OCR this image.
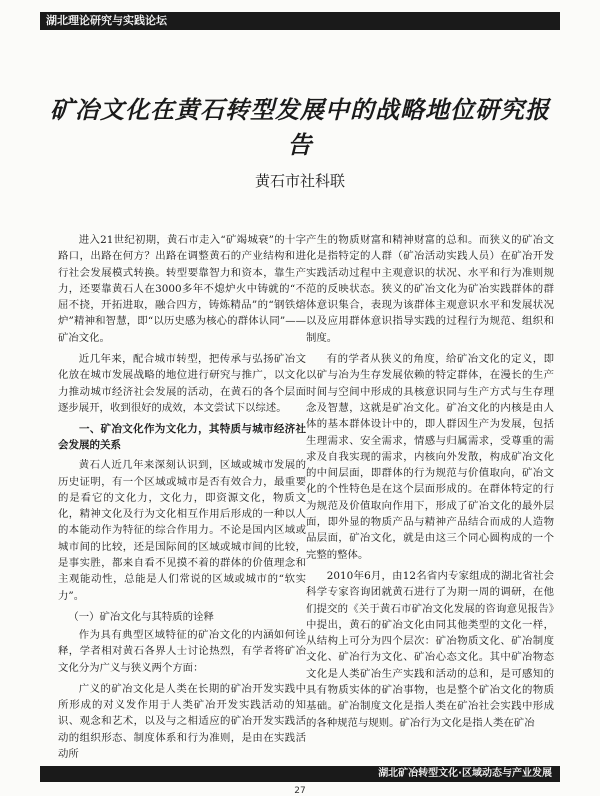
湖北理论研究与实践论坛
矿冶文化在黄石转型发展中的战略地位研究报告
黄石市社科联

进入21世纪初期，黄石市走入“矿竭城衰”的十字路口，出路在何方？出路在调整黄石的产业结构和进行社会发展模式转换。转型要靠智力和资本，靠生产力，还要靠黄石人在3000多年不熄炉火中铸就的“不屈不挠，开拓进取，融合四方，铸炼精品”的“钢铁熔炉”精神和智慧，即“以历史感为核心的群体认同”——矿冶文化。

近几年来，配合城市转型，把传承与弘扬矿冶文化放在城市发展战略的地位进行研究与推广，以文化力推动城市经济社会发展的活动，在黄石的各个层面逐步展开，收到很好的成效，本文尝试下以综述。

一、矿冶文化作为文化力，其特质与城市经济社会发展的关系

黄石人近几年来深刻认识到，区域或城市发展的历史证明，有一个区域或城市是否有效合力，最重要的是看它的文化力，文化力，即资源文化，物质文化，精神文化及行为文化相互作用后形成的一种以人的本能动作为特征的综合作用力。不论是国内区域或城市间的比较，还是国际间的区域或城市间的比较，是事实胜，都来自看不见摸不着的群体的价值理念和主观能动性，总能是人们常说的区域或城市的“软实力”。

（一）矿冶文化与其特质的诠释

作为具有典型区域特征的矿冶文化的内涵如何诠释，学者相对黄石各界人士讨论热烈，有学者将矿冶文化分为广义与狭义两个方面：

广义的矿冶文化是人类在长期的矿冶开发实践中所形成的对义发作用于人类矿冶开发实践活动的知识、观念和艺术，以及与之相适应的矿冶开发实践活动的组织形态、制度体系和行为准则，是由在实践活动所

产生的物质财富和精神财富的总和。而狭义的矿冶文化是指特定的人群（矿冶活动实践人员）在矿冶开发实践活动过程中主观意识的状况、水平和行为准则规范的反映状态。狭义的矿冶文化为矿冶实践群体的群体意识集合，表现为该群体主观意识水平和发展状况以及应用群体意识指导实践的过程行为规范、组织和制度。

有的学者从狭义的角度，给矿冶文化的定义，即以矿与冶为生存发展依赖的特定群体，在漫长的生产时间与空间中形成的具核意识同与生产方式与生存理念及智慧，这就是矿冶文化。矿冶文化的内核是由人体的基本群体设计中的，即人群因生产为发展，包括生理需求、安全需求，情感与归属需求，受尊重的需求及自我实现的需求，内核向外发散，构成矿冶文化的中间层面，即群体的行为规范与价值取向，矿冶文化的个性特色是在这个层面形成的。在群体特定的行为规范及价值取向作用下，形成了矿冶文化的最外层面，即外显的物质产品与精神产品结合而成的人造物品层面，矿冶文化，就是由这三个同心圆构成的一个完整的整体。

2010年6月，由12名省内专家组成的湖北省社会科学专家咨询团就黄石进行了为期一周的调研，在他们提交的《关于黄石市矿冶文化发展的咨询意见报告》中提出，黄石的矿冶文化由同其他类型的文化一样，从结构上可分为四个层次：矿冶物质文化、矿冶制度文化、矿冶行为文化、矿冶心态文化。其中矿冶物态文化是人类矿冶生产实践和活动的总和，是可感知的具有物质实体的矿冶事物，也是整个矿冶文化的物质基础。矿冶制度文化是指人类在矿冶社会实践中形成的各种规范与规则。矿冶行为文化是指人类在矿冶

湖北矿冶转型文化·区域动态与产业发展
27
